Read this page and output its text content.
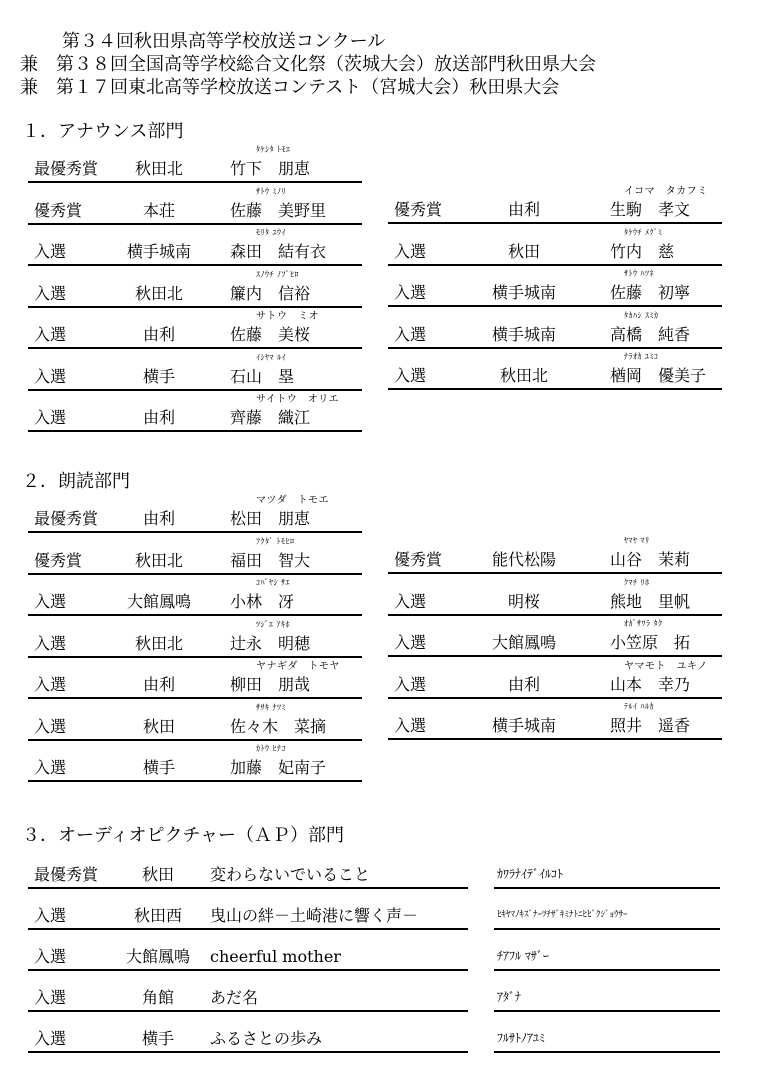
第３４回秋田県高等学校放送コンクール
兼　第３８回全国高等学校総合文化祭（茨城大会）放送部門秋田県大会
兼　第１７回東北高等学校放送コンテスト（宮城大会）秋田県大会
１．アナウンス部門
ﾀｹｼﾀ ﾄﾓｴ
最優秀賞	秋田北	竹下　朋恵
ｻﾄｳ ﾐﾉﾘ
優秀賞	本荘	佐藤　美野里
ﾓﾘﾀ ﾕｳｲ
入選	横手城南	森田　結有衣
ｽﾉｳﾁ ﾉﾌﾞﾋﾛ
入選	秋田北	簾内　信裕
サトウ　ミオ
入選	由利	佐藤　美桜
ｲｼﾔﾏ ﾙｲ
入選	横手	石山　塁
サイトウ　オリエ
入選	由利	齊藤　織江
イコマ　タカフミ
優秀賞	由利	生駒　孝文
ﾀｹｳﾁ ﾒｸﾞﾐ
入選	秋田	竹内　慈
ｻﾄｳ ﾊﾂﾈ
入選	横手城南	佐藤　初寧
ﾀｶﾊｼ ｽﾐｶ
入選	横手城南	高橋　純香
ﾅﾗｵｶ ﾕﾐｺ
入選	秋田北	楢岡　優美子
２．朗読部門
マツダ　トモエ
最優秀賞	由利	松田　朋恵
ﾌｸﾀﾞ ﾄﾓﾋﾛ
優秀賞	秋田北	福田　智大
ｺﾊﾞﾔｼ ｻｴ
入選	大館鳳鳴	小林　冴
ﾂｼﾞｴ ｱｷﾎ
入選	秋田北	辻永　明穂
ヤナギダ　トモヤ
入選	由利	柳田　朋哉
ｻｻｷ ﾅﾂﾐ
入選	秋田	佐々木　菜摘
ｶﾄｳ ﾋﾅｺ
入選	横手	加藤　妃南子
ﾔﾏﾔ ﾏﾘ
優秀賞	能代松陽	山谷　茉莉
ｸﾏﾁ ﾘﾎ
入選	明桜	熊地　里帆
ｵｶﾞｻﾜﾗ ﾀｸ
入選	大館鳳鳴	小笠原　拓
ヤマモト　ユキノ
入選	由利	山本　幸乃
ﾃﾙｲ ﾊﾙｶ
入選	横手城南	照井　遥香
３．オーディオピクチャー（ＡＰ）部門
最優秀賞	秋田	変わらないでいること	ｶﾜﾗﾅｲﾃﾞｲﾙｺﾄ
入選	秋田西	曳山の絆－土崎港に響く声－	ﾋｷﾔﾏﾉｷｽﾞﾅｰﾂﾁｻﾞｷﾐﾅﾄﾆﾋﾋﾞｸｼﾞｮｳｻｰ
入選	大館鳳鳴	cheerful mother	ﾁｱﾌﾙ ﾏｻﾞｰ
入選	角館	あだ名	ｱﾀﾞﾅ
入選	横手	ふるさとの歩み	ﾌﾙｻﾄﾉｱﾕﾐ
